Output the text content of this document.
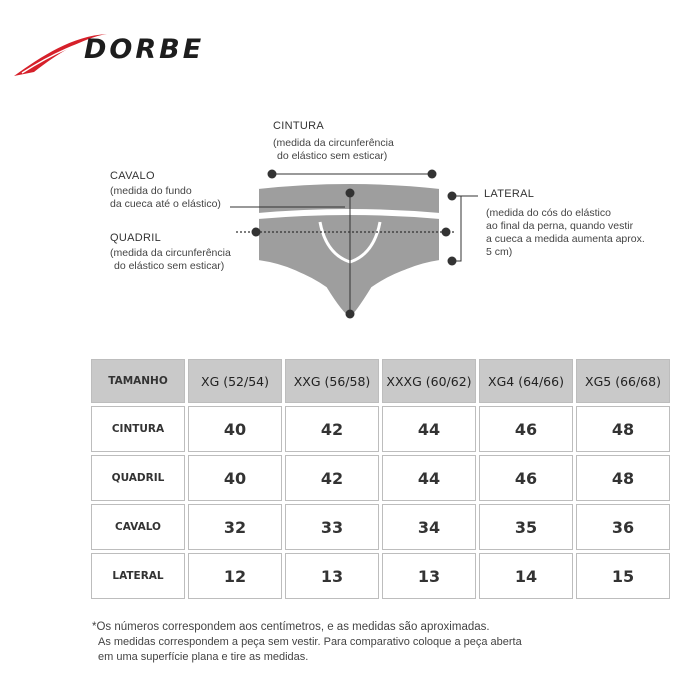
DORBE
CINTURA
(medida da circunferência
do elástico sem esticar)
CAVALO
(medida do fundo
da cueca até o elástico)
QUADRIL
(medida da circunferência
do elástico sem esticar)
LATERAL
(medida do cós do elástico
ao final da perna, quando vestir
a cueca a medida aumenta aprox.
5 cm)
TAMANHO	XG (52/54)	XXG (56/58)	XXXG (60/62)	XG4 (64/66)	XG5 (66/68)
CINTURA	40	42	44	46	48
QUADRIL	40	42	44	46	48
CAVALO	32	33	34	35	36
LATERAL	12	13	13	14	15
*Os números correspondem aos centímetros, e as medidas são aproximadas.
As medidas correspondem a peça sem vestir. Para comparativo coloque a peça aberta
em uma superfície plana e tire as medidas.
